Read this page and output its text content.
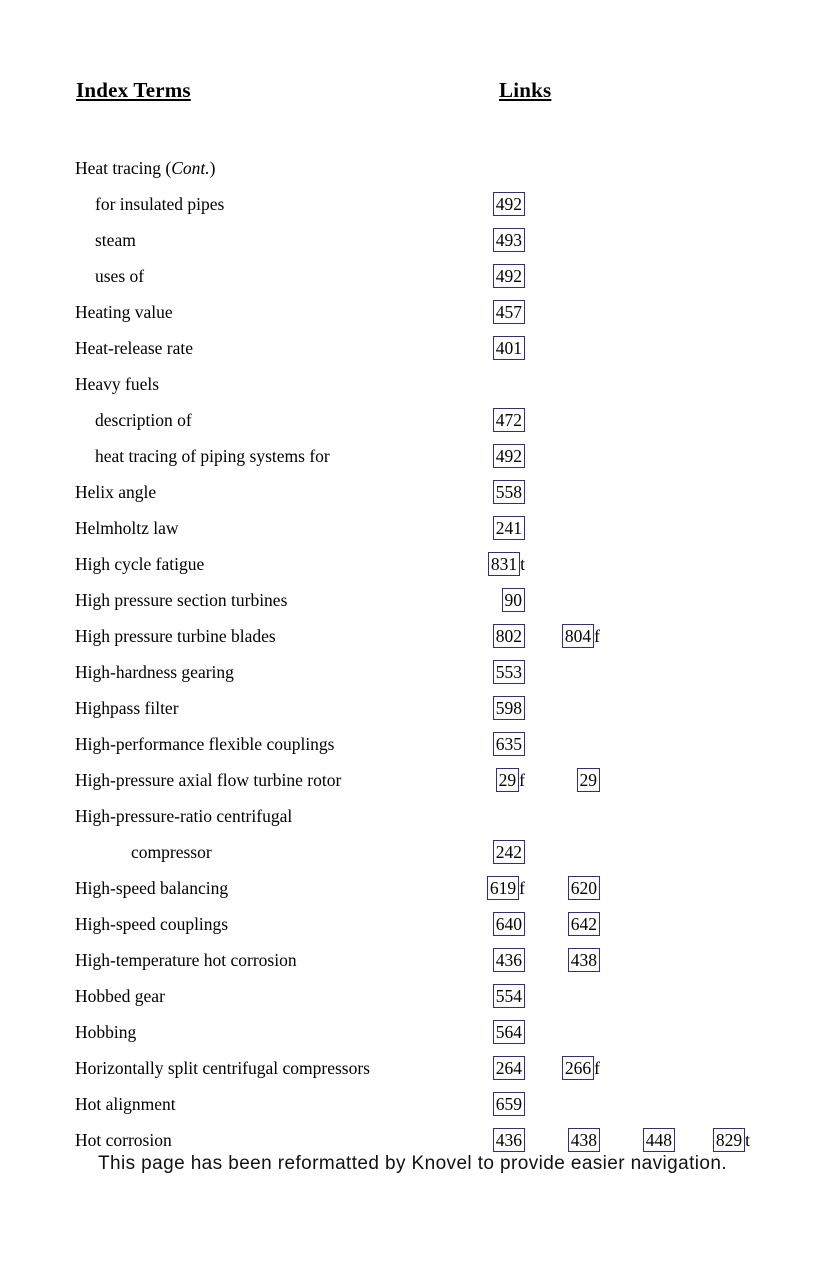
Index Terms	Links
Heat tracing (Cont.)
for insulated pipes	492
steam	493
uses of	492
Heating value	457
Heat-release rate	401
Heavy fuels
description of	472
heat tracing of piping systems for	492
Helix angle	558
Helmholtz law	241
High cycle fatigue	831 t
High pressure section turbines	90
High pressure turbine blades	802	804 f
High-hardness gearing	553
Highpass filter	598
High-performance flexible couplings	635
High-pressure axial flow turbine rotor	29 f	29
High-pressure-ratio centrifugal
compressor	242
High-speed balancing	619 f	620
High-speed couplings	640	642
High-temperature hot corrosion	436	438
Hobbed gear	554
Hobbing	564
Horizontally split centrifugal compressors	264	266 f
Hot alignment	659
Hot corrosion	436	438	448	829 t
This page has been reformatted by Knovel to provide easier navigation.
